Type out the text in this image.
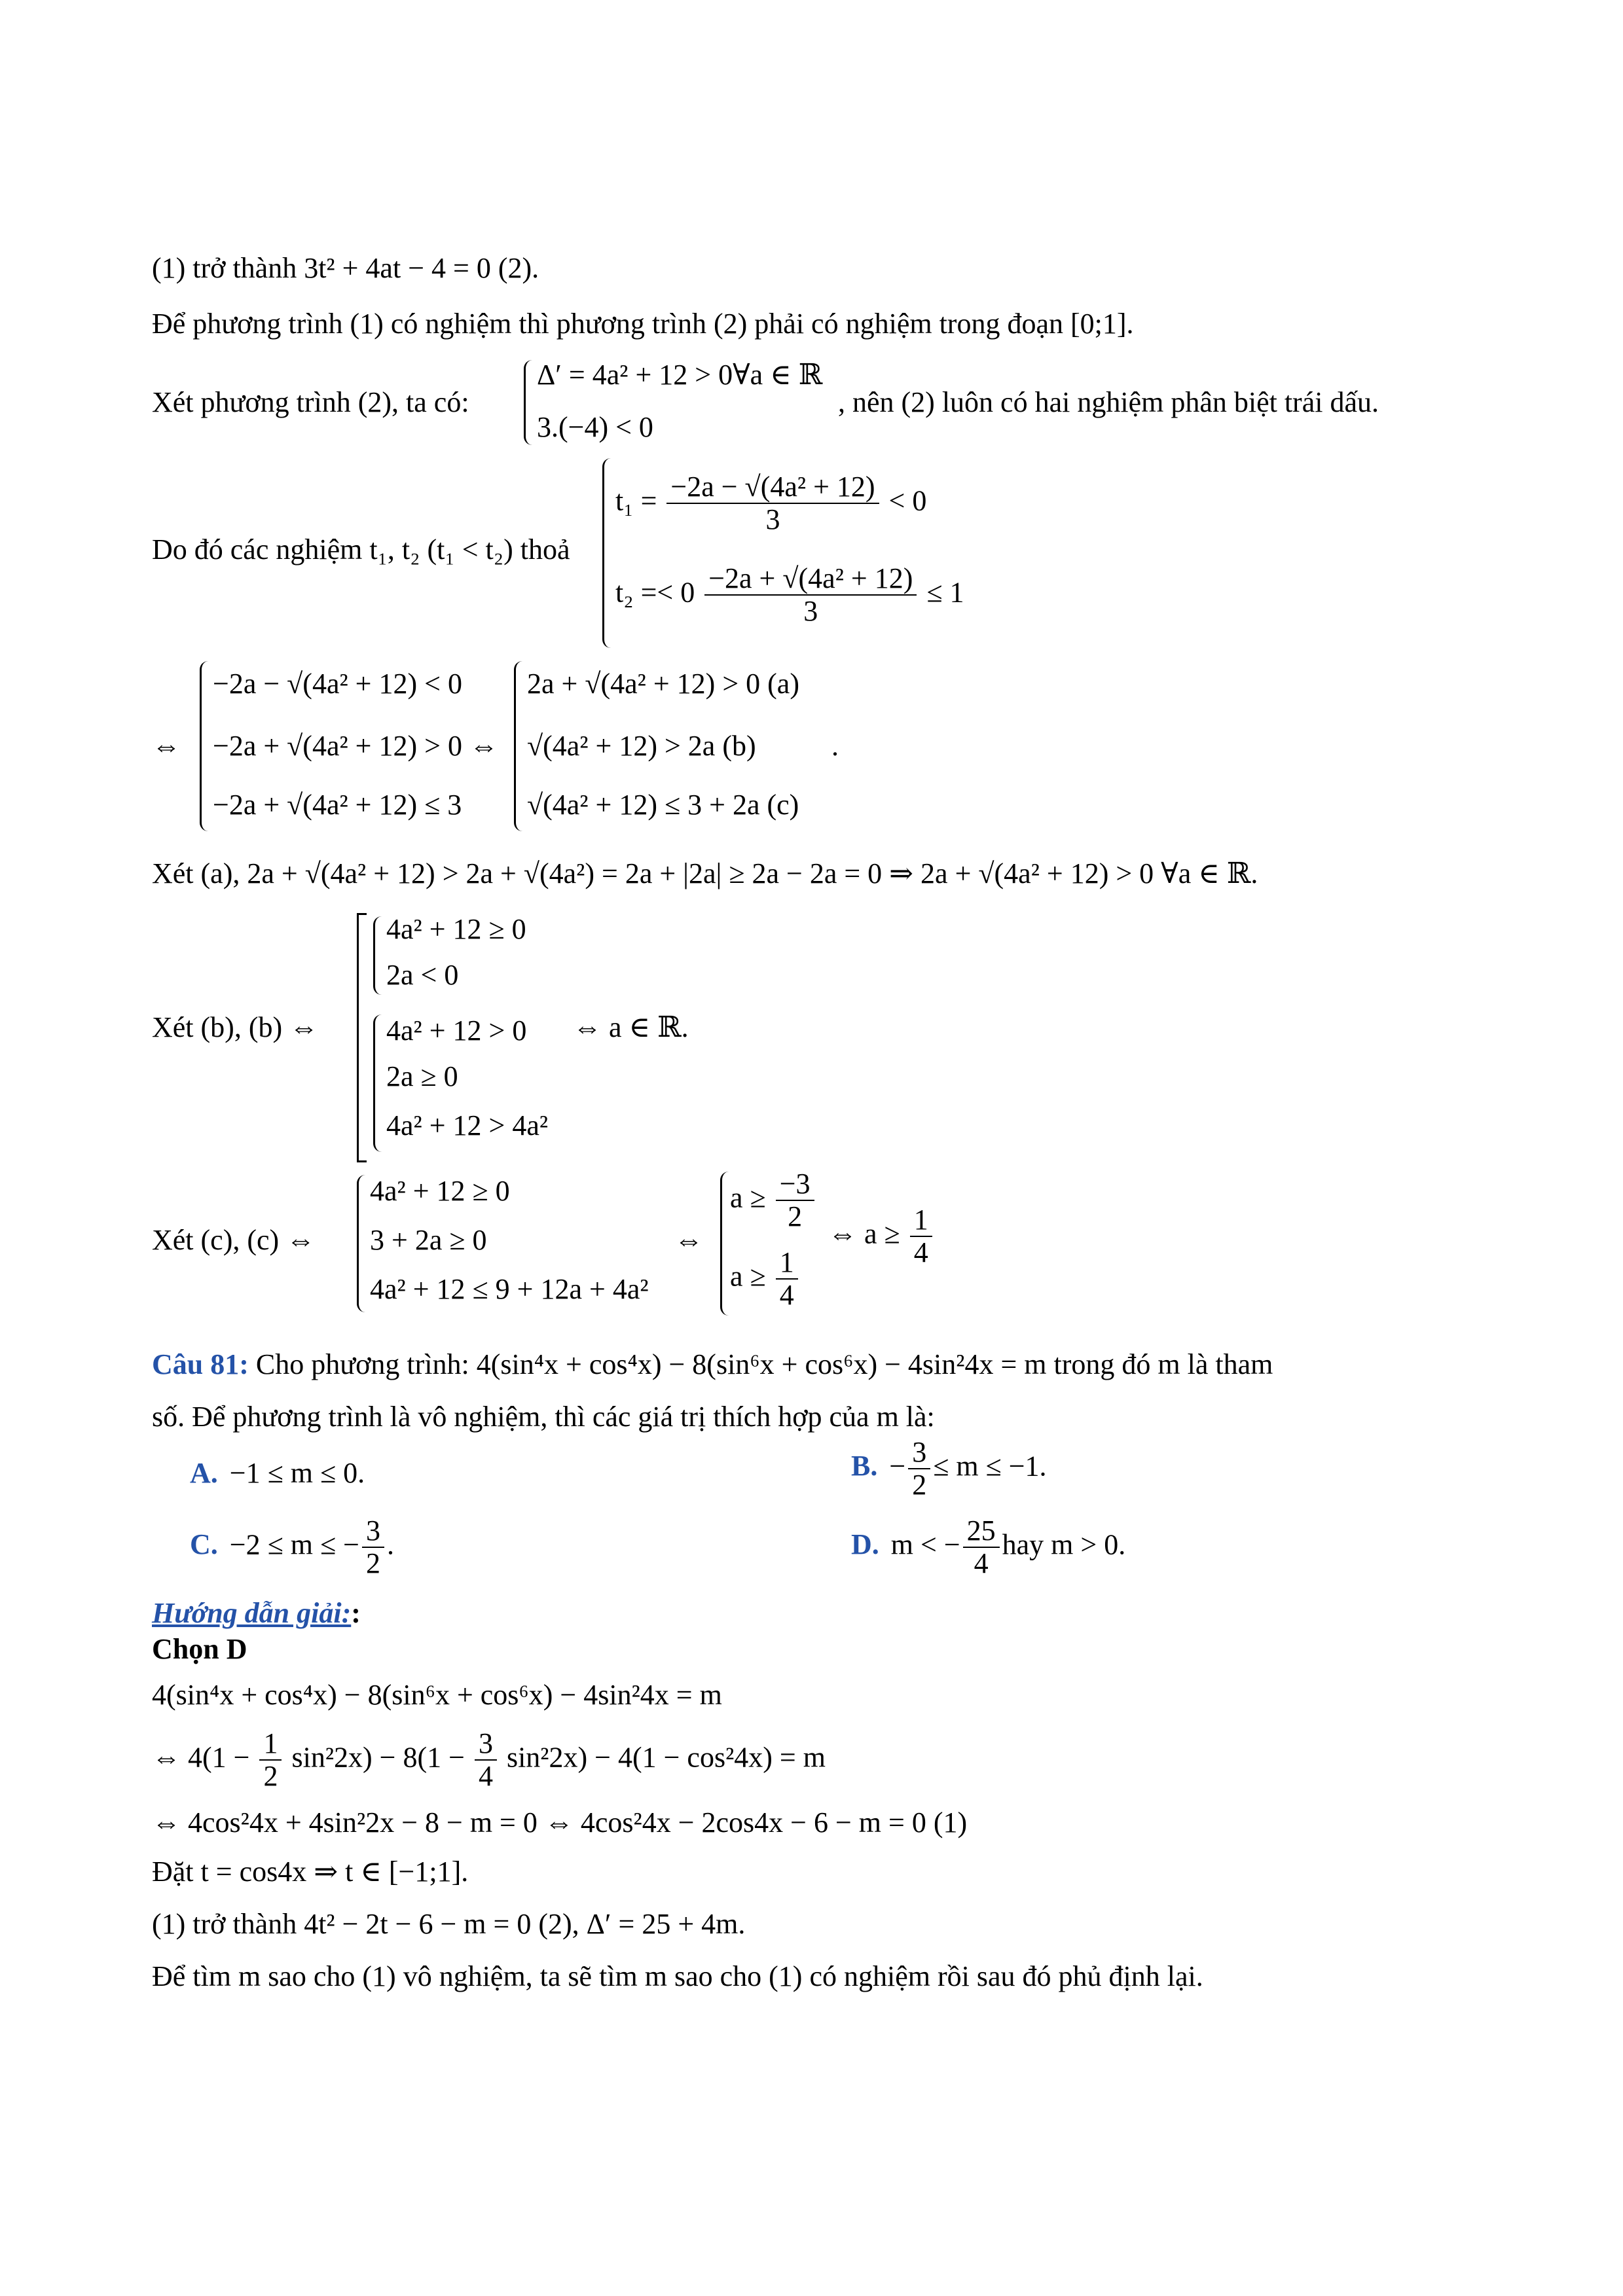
(1) trở thành 3t² + 4at − 4 = 0 (2).
Để phương trình (1) có nghiệm thì phương trình (2) phải có nghiệm trong đoạn [0;1].
Xét phương trình (2), ta có:
Δ′ = 4a² + 12 > 0∀a ∈ ℝ
3.(−4) < 0
, nên (2) luôn có hai nghiệm phân biệt trái dấu.
Do đó các nghiệm t₁, t₂ (t₁ < t₂) thoả
$t_1 = \frac{\text{−2a − √(4a² + 12)}}{3} < 0$
$t_2 =< 0 \frac{\text{−2a + √(4a² + 12)}}{3} \le 1$
⇔
−2a − √(4a² + 12) < 0
−2a + √(4a² + 12) > 0 ⇔
−2a + √(4a² + 12) ≤ 3
2a + √(4a² + 12) > 0 (a)
√(4a² + 12) > 2a (b)
√(4a² + 12) ≤ 3 + 2a (c)
.
Xét (a), 2a + √(4a² + 12) > 2a + √(4a²) = 2a + |2a| ≥ 2a − 2a = 0 ⇒ 2a + √(4a² + 12) > 0 ∀a ∈ ℝ.
Xét (b), (b) ⇔
4a² + 12 ≥ 0
2a < 0
4a² + 12 > 0
2a ≥ 0
4a² + 12 > 4a²
⇔ a ∈ ℝ.
Xét (c), (c) ⇔
4a² + 12 ≥ 0
3 + 2a ≥ 0
4a² + 12 ≤ 9 + 12a + 4a²
⇔
$a \ge \frac{-3}{2}$
$a \ge \frac{1}{4}$
⇔ $a \ge \frac{1}{4}$
Câu 81: Cho phương trình: 4(sin⁴x + cos⁴x) − 8(sin⁶x + cos⁶x) − 4sin²4x = m trong đó m là tham
số. Để phương trình là vô nghiệm, thì các giá trị thích hợp của m là:
A. −1 ≤ m ≤ 0.	B. − $\frac{3}{2} \le m \le -1$.
C. −2 ≤ m ≤ − $\frac{3}{2}$ .	D. m < − $\frac{25}{4}$ hay m > 0.
Hướng dẫn giải::
Chọn D
4(sin⁴x + cos⁴x) − 8(sin⁶x + cos⁶x) − 4sin²4x = m
⇔ $4(1 - \frac{1}{2} \sin^22x) - 8(1 - \frac{3}{4} \sin^22x) - 4(1 - \cos^24x) = m$
⇔ 4cos²4x + 4sin²2x − 8 − m = 0 ⇔ 4cos²4x − 2cos4x − 6 − m = 0 (1)
Đặt t = cos4x ⇒ t ∈ [−1;1].
(1) trở thành 4t² − 2t − 6 − m = 0 (2), Δ′ = 25 + 4m.
Để tìm m sao cho (1) vô nghiệm, ta sẽ tìm m sao cho (1) có nghiệm rồi sau đó phủ định lại.
